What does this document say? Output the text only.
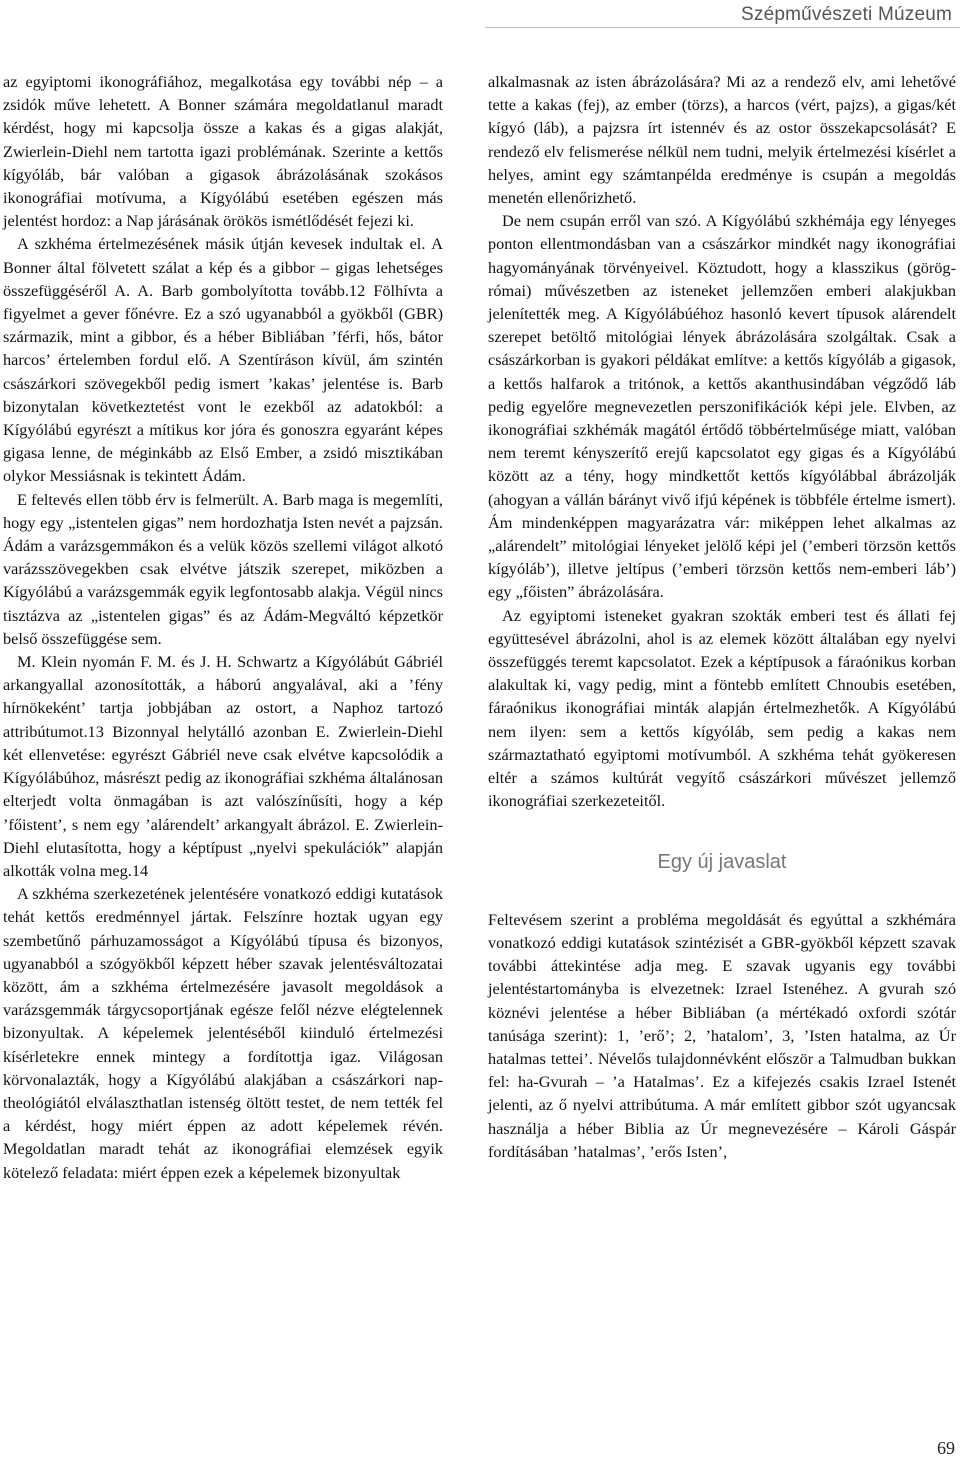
Szépművészeti Múzeum

az egyiptomi ikonográfiához, megalkotása egy további nép – a zsidók műve lehetett. A Bonner számára megoldatlanul maradt kérdést, hogy mi kapcsolja össze a kakas és a gigas alakját, Zwierlein-Diehl nem tartotta igazi problémának. Szerinte a kettős kígyóláb, bár valóban a gigasok ábrázolásának szokásos ikonográfiai motívuma, a Kígyólábú esetében egészen más jelentést hordoz: a Nap járásának örökös ismétlődését fejezi ki.

A szkhéma értelmezésének másik útján kevesek indultak el. A Bonner által fölvetett szálat a kép és a gibbor – gigas lehetséges összefüggéséről A. A. Barb gombolyította tovább.12 Fölhívta a figyelmet a gever főnévre. Ez a szó ugyanabból a gyökből (GBR) származik, mint a gibbor, és a héber Bibliában ’férfi, hős, bátor harcos’ értelemben fordul elő. A Szentíráson kívül, ám szintén császárkori szövegekből pedig ismert ’kakas’ jelentése is. Barb bizonytalan következtetést vont le ezekből az adatokból: a Kígyólábú egyrészt a mítikus kor jóra és gonoszra egyaránt képes gigasa lenne, de méginkább az Első Ember, a zsidó misztikában olykor Messiásnak is tekintett Ádám.

E feltevés ellen több érv is felmerült. A. Barb maga is megemlíti, hogy egy „istentelen gigas” nem hordozhatja Isten nevét a pajzsán. Ádám a varázsgemmákon és a velük közös szellemi világot alkotó varázsszövegekben csak elvétve játszik szerepet, miközben a Kígyólábú a varázsgemmák egyik legfontosabb alakja. Végül nincs tisztázva az „istentelen gigas” és az Ádám-Megváltó képzetkör belső összefüggése sem.

M. Klein nyomán F. M. és J. H. Schwartz a Kígyólábút Gábriél arkangyallal azonosították, a háború angyalával, aki a ’fény hírnökeként’ tartja jobbjában az ostort, a Naphoz tartozó attribútumot.13 Bizonnyal helytálló azonban E. Zwierlein-Diehl két ellenvetése: egyrészt Gábriél neve csak elvétve kapcsolódik a Kígyólábúhoz, másrészt pedig az ikonográfiai szkhéma általánosan elterjedt volta önmagában is azt valószínűsíti, hogy a kép ’főistent’, s nem egy ’alárendelt’ arkangyalt ábrázol. E. Zwierlein-Diehl elutasította, hogy a képtípust „nyelvi spekulációk” alapján alkották volna meg.14

A szkhéma szerkezetének jelentésére vonatkozó eddigi kutatások tehát kettős eredménnyel jártak. Felszínre hoztak ugyan egy szembetűnő párhuzamosságot a Kígyólábú típusa és bizonyos, ugyanabból a szógyökből képzett héber szavak jelentésváltozatai között, ám a szkhéma értelmezésére javasolt megoldások a varázsgemmák tárgycsoportjának egésze felől nézve elégtelennek bizonyultak. A képelemek jelentéséből kiinduló értelmezési kísérletekre ennek mintegy a fordítottja igaz. Világosan körvonalazták, hogy a Kígyólábú alakjában a császárkori nap-theológiától elválaszthatlan istenség öltött testet, de nem tették fel a kérdést, hogy miért éppen az adott képelemek révén. Megoldatlan maradt tehát az ikonográfiai elemzések egyik kötelező feladata: miért éppen ezek a képelemek bizonyultak

alkalmasnak az isten ábrázolására? Mi az a rendező elv, ami lehetővé tette a kakas (fej), az ember (törzs), a harcos (vért, pajzs), a gigas/két kígyó (láb), a pajzsra írt istennév és az ostor összekapcsolását? E rendező elv felismerése nélkül nem tudni, melyik értelmezési kísérlet a helyes, amint egy számtanpélda eredménye is csupán a megoldás menetén ellenőrizhető.

De nem csupán erről van szó. A Kígyólábú szkhémája egy lényeges ponton ellentmondásban van a császárkor mindkét nagy ikonográfiai hagyományának törvényeivel. Köztudott, hogy a klasszikus (görög-római) művészetben az isteneket jellemzően emberi alakjukban jelenítették meg. A Kígyólábúéhoz hasonló kevert típusok alárendelt szerepet betöltő mitológiai lények ábrázolására szolgáltak. Csak a császárkorban is gyakori példákat említve: a kettős kígyóláb a gigasok, a kettős halfarok a tritónok, a kettős akanthusindában végződő láb pedig egyelőre megnevezetlen perszonifikációk képi jele. Elvben, az ikonográfiai szkhémák magától értődő többértelműsége miatt, valóban nem teremt kényszerítő erejű kapcsolatot egy gigas és a Kígyólábú között az a tény, hogy mindkettőt kettős kígyólábbal ábrázolják (ahogyan a vállán bárányt vivő ifjú képének is többféle értelme ismert). Ám mindenképpen magyarázatra vár: miképpen lehet alkalmas az „alárendelt” mitológiai lényeket jelölő képi jel (’emberi törzsön kettős kígyóláb’), illetve jeltípus (’emberi törzsön kettős nem-emberi láb’) egy „főisten” ábrázolására.

Az egyiptomi isteneket gyakran szokták emberi test és állati fej együttesével ábrázolni, ahol is az elemek között általában egy nyelvi összefüggés teremt kapcsolatot. Ezek a képtípusok a fáraónikus korban alakultak ki, vagy pedig, mint a föntebb említett Chnoubis esetében, fáraónikus ikonográfiai minták alapján értelmezhetők. A Kígyólábú nem ilyen: sem a kettős kígyóláb, sem pedig a kakas nem származtatható egyiptomi motívumból. A szkhéma tehát gyökeresen eltér a számos kultúrát vegyítő császárkori művészet jellemző ikonográfiai szerkezeteitől.

Egy új javaslat

Feltevésem szerint a probléma megoldását és egyúttal a szkhémára vonatkozó eddigi kutatások szintézisét a GBR-gyökből képzett szavak további áttekintése adja meg. E szavak ugyanis egy további jelentéstartományba is elvezetnek: Izrael Istenéhez. A gvurah szó köznévi jelentése a héber Bibliában (a mértékadó oxfordi szótár tanúsága szerint): 1, ’erő’; 2, ’hatalom’, 3, ’Isten hatalma, az Úr hatalmas tettei’. Névelős tulajdonnévként először a Talmudban bukkan fel: ha-Gvurah – ’a Hatalmas’. Ez a kifejezés csakis Izrael Istenét jelenti, az ő nyelvi attribútuma. A már említett gibbor szót ugyancsak használja a héber Biblia az Úr megnevezésére – Károli Gáspár fordításában ’hatalmas’, ’erős Isten’,

69
